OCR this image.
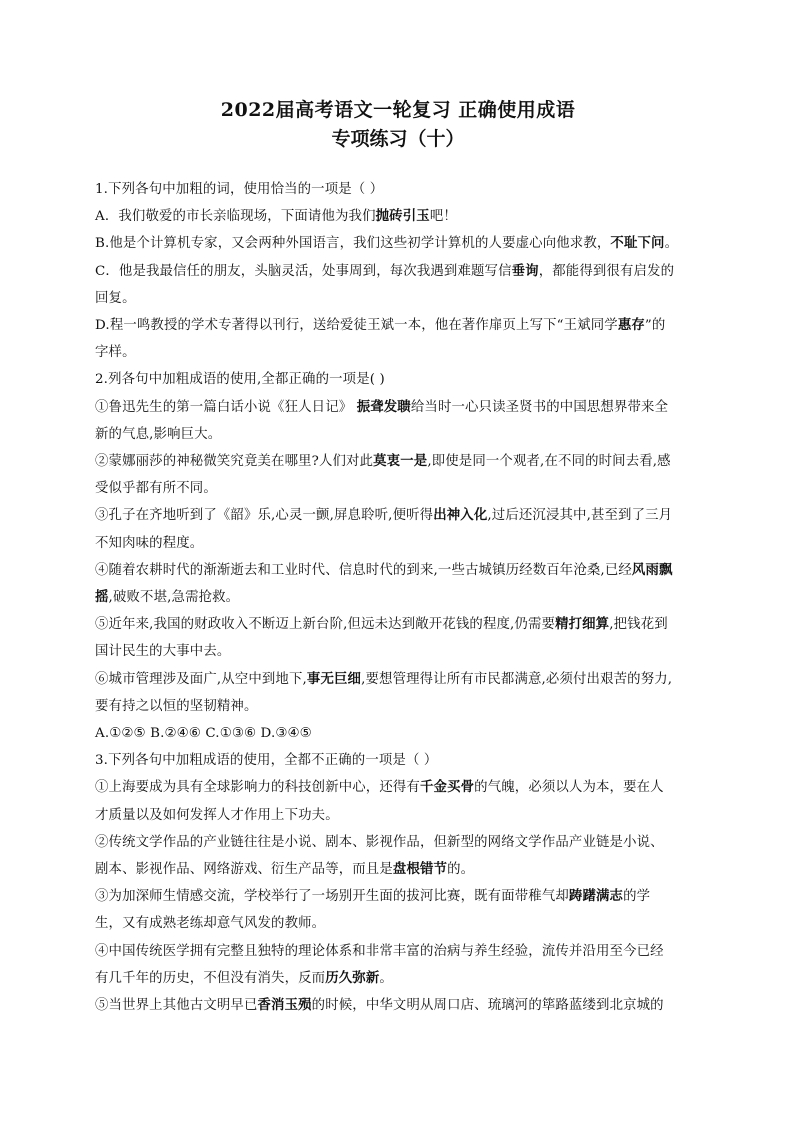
2022届高考语文一轮复习 正确使用成语
专项练习（十）

1.下列各句中加粗的词，使用恰当的一项是（ ）

A．我们敬爱的市长亲临现场，下面请他为我们抛砖引玉吧！

B.他是个计算机专家，又会两种外国语言，我们这些初学计算机的人要虚心向他求教，不耻下问。

C．他是我最信任的朋友，头脑灵活，处事周到，每次我遇到难题写信垂询，都能得到很有启发的

回复。

D.程一鸣教授的学术专著得以刊行，送给爱徒王斌一本，他在著作扉页上写下“王斌同学惠存”的

字样。

2.列各句中加粗成语的使用,全都正确的一项是( )

①鲁迅先生的第一篇白话小说《狂人日记》 振聋发聩给当时一心只读圣贤书的中国思想界带来全

新的气息,影响巨大。

②蒙娜丽莎的神秘微笑究竟美在哪里?人们对此莫衷一是,即使是同一个观者,在不同的时间去看,感

受似乎都有所不同。

③孔子在齐地听到了《韶》乐,心灵一颤,屏息聆听,便听得出神入化,过后还沉浸其中,甚至到了三月

不知肉味的程度。

④随着农耕时代的渐渐逝去和工业时代、信息时代的到来,一些古城镇历经数百年沧桑,已经风雨飘

摇,破败不堪,急需抢救。

⑤近年来,我国的财政收入不断迈上新台阶,但远未达到敞开花钱的程度,仍需要精打细算,把钱花到

国计民生的大事中去。

⑥城市管理涉及面广,从空中到地下,事无巨细,要想管理得让所有市民都满意,必须付出艰苦的努力,

要有持之以恒的坚韧精神。

A.①②⑤ B.②④⑥ C.①③⑥ D.③④⑤

3.下列各句中加粗成语的使用，全都不正确的一项是（ ）

①上海要成为具有全球影响力的科技创新中心，还得有千金买骨的气魄，必须以人为本，要在人

才质量以及如何发挥人才作用上下功夫。

②传统文学作品的产业链往往是小说、剧本、影视作品，但新型的网络文学作品产业链是小说、

剧本、影视作品、网络游戏、衍生产品等，而且是盘根错节的。

③为加深师生情感交流，学校举行了一场别开生面的拔河比赛，既有面带稚气却踌躇满志的学

生，又有成熟老练却意气风发的教师。

④中国传统医学拥有完整且独特的理论体系和非常丰富的治病与养生经验，流传并沿用至今已经

有几千年的历史，不但没有消失，反而历久弥新。

⑤当世界上其他古文明早已香消玉殒的时候，中华文明从周口店、琉璃河的筚路蓝缕到北京城的
